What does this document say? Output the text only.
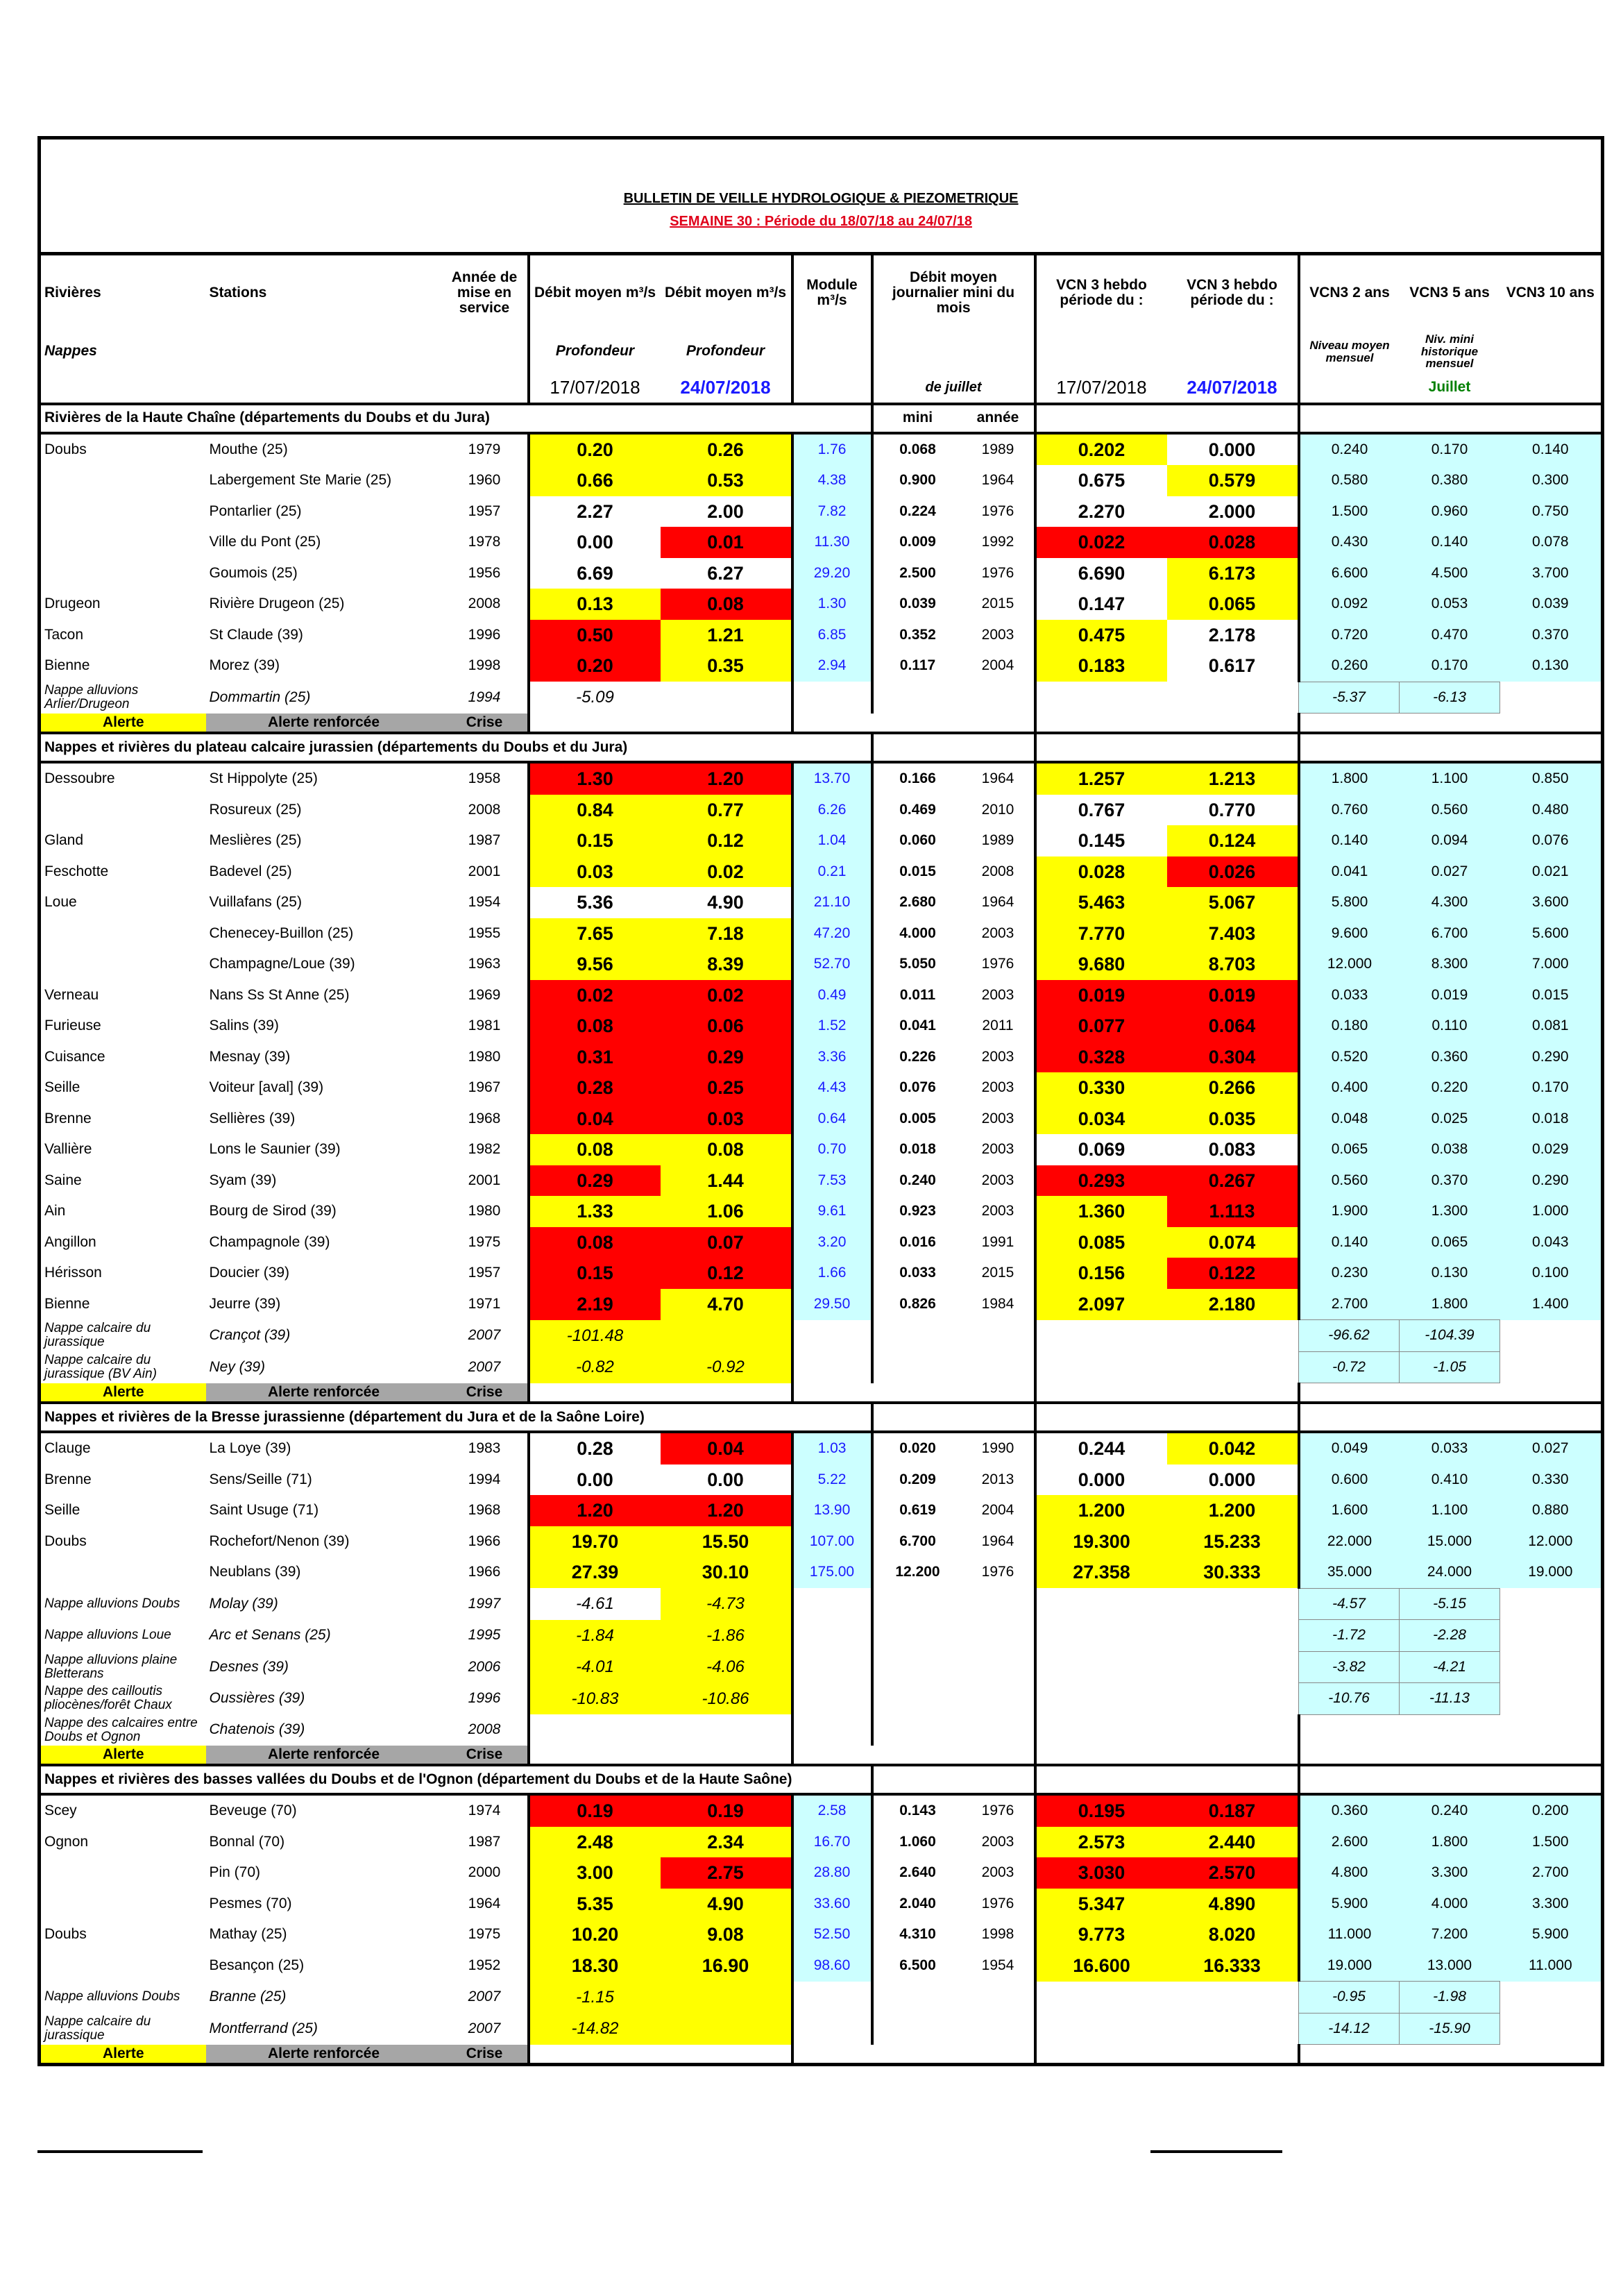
BULLETIN DE VEILLE HYDROLOGIQUE & PIEZOMETRIQUE
SEMAINE 30 : Période du 18/07/18 au 24/07/18												

Rivières	Stations	Année de mise en service	Débit moyen m³/s	Débit moyen m³/s	Module m³/s	Débit moyen journalier mini du mois		VCN 3 hebdo période du :	VCN 3 hebdo période du :	VCN3 2 ans	VCN3 5 ans	VCN3 10 ans
Nappes			Profondeur	Profondeur						Niveau moyen mensuel	Niv. mini historique mensuel	
			17/07/2018	24/07/2018		de juillet		17/07/2018	24/07/2018		Juillet	
Rivières de la Haute Chaîne (départements du Doubs et du Jura)						mini	année					
Doubs	Mouthe (25)	1979	0.20	0.26	1.76	0.068	1989	0.202	0.000	0.240	0.170	0.140
	Labergement Ste Marie (25)	1960	0.66	0.53	4.38	0.900	1964	0.675	0.579	0.580	0.380	0.300
	Pontarlier (25)	1957	2.27	2.00	7.82	0.224	1976	2.270	2.000	1.500	0.960	0.750
	Ville du Pont (25)	1978	0.00	0.01	11.30	0.009	1992	0.022	0.028	0.430	0.140	0.078
	Goumois (25)	1956	6.69	6.27	29.20	2.500	1976	6.690	6.173	6.600	4.500	3.700
Drugeon	Rivière Drugeon (25)	2008	0.13	0.08	1.30	0.039	2015	0.147	0.065	0.092	0.053	0.039
Tacon	St Claude (39)	1996	0.50	1.21	6.85	0.352	2003	0.475	2.178	0.720	0.470	0.370
Bienne	Morez (39)	1998	0.20	0.35	2.94	0.117	2004	0.183	0.617	0.260	0.170	0.130
Nappe alluvions Arlier/Drugeon	Dommartin (25)	1994	-5.09							-5.37	-6.13	
Alerte	Alerte renforcée	Crise										
Nappes et rivières du plateau calcaire jurassien (départements du Doubs et du Jura)												
Dessoubre	St Hippolyte (25)	1958	1.30	1.20	13.70	0.166	1964	1.257	1.213	1.800	1.100	0.850
	Rosureux (25)	2008	0.84	0.77	6.26	0.469	2010	0.767	0.770	0.760	0.560	0.480
Gland	Meslières (25)	1987	0.15	0.12	1.04	0.060	1989	0.145	0.124	0.140	0.094	0.076
Feschotte	Badevel (25)	2001	0.03	0.02	0.21	0.015	2008	0.028	0.026	0.041	0.027	0.021
Loue	Vuillafans (25)	1954	5.36	4.90	21.10	2.680	1964	5.463	5.067	5.800	4.300	3.600
	Chenecey-Buillon (25)	1955	7.65	7.18	47.20	4.000	2003	7.770	7.403	9.600	6.700	5.600
	Champagne/Loue (39)	1963	9.56	8.39	52.70	5.050	1976	9.680	8.703	12.000	8.300	7.000
Verneau	Nans Ss St Anne (25)	1969	0.02	0.02	0.49	0.011	2003	0.019	0.019	0.033	0.019	0.015
Furieuse	Salins (39)	1981	0.08	0.06	1.52	0.041	2011	0.077	0.064	0.180	0.110	0.081
Cuisance	Mesnay (39)	1980	0.31	0.29	3.36	0.226	2003	0.328	0.304	0.520	0.360	0.290
Seille	Voiteur [aval] (39)	1967	0.28	0.25	4.43	0.076	2003	0.330	0.266	0.400	0.220	0.170
Brenne	Sellières (39)	1968	0.04	0.03	0.64	0.005	2003	0.034	0.035	0.048	0.025	0.018
Vallière	Lons le Saunier (39)	1982	0.08	0.08	0.70	0.018	2003	0.069	0.083	0.065	0.038	0.029
Saine	Syam (39)	2001	0.29	1.44	7.53	0.240	2003	0.293	0.267	0.560	0.370	0.290
Ain	Bourg de Sirod (39)	1980	1.33	1.06	9.61	0.923	2003	1.360	1.113	1.900	1.300	1.000
Angillon	Champagnole (39)	1975	0.08	0.07	3.20	0.016	1991	0.085	0.074	0.140	0.065	0.043
Hérisson	Doucier (39)	1957	0.15	0.12	1.66	0.033	2015	0.156	0.122	0.230	0.130	0.100
Bienne	Jeurre (39)	1971	2.19	4.70	29.50	0.826	1984	2.097	2.180	2.700	1.800	1.400
Nappe calcaire du jurassique	Crançot (39)	2007	-101.48							-96.62	-104.39	
Nappe calcaire du jurassique (BV Ain)	Ney (39)	2007	-0.82	-0.92						-0.72	-1.05	
Alerte	Alerte renforcée	Crise										
Nappes et rivières de la Bresse jurassienne (département du Jura et de la Saône Loire)												
Clauge	La Loye (39)	1983	0.28	0.04	1.03	0.020	1990	0.244	0.042	0.049	0.033	0.027
Brenne	Sens/Seille (71)	1994	0.00	0.00	5.22	0.209	2013	0.000	0.000	0.600	0.410	0.330
Seille	Saint Usuge (71)	1968	1.20	1.20	13.90	0.619	2004	1.200	1.200	1.600	1.100	0.880
Doubs	Rochefort/Nenon (39)	1966	19.70	15.50	107.00	6.700	1964	19.300	15.233	22.000	15.000	12.000
	Neublans (39)	1966	27.39	30.10	175.00	12.200	1976	27.358	30.333	35.000	24.000	19.000
Nappe alluvions Doubs	Molay (39)	1997	-4.61	-4.73						-4.57	-5.15	
Nappe alluvions Loue	Arc et Senans (25)	1995	-1.84	-1.86						-1.72	-2.28	
Nappe alluvions plaine Bletterans	Desnes (39)	2006	-4.01	-4.06						-3.82	-4.21	
Nappe des cailloutis pliocènes/forêt Chaux	Oussières (39)	1996	-10.83	-10.86						-10.76	-11.13	
Nappe des calcaires entre Doubs et Ognon	Chatenois (39)	2008										
Alerte	Alerte renforcée	Crise										
Nappes et rivières des basses vallées du Doubs et de l'Ognon (département du Doubs et de la Haute Saône)												
Scey	Beveuge (70)	1974	0.19	0.19	2.58	0.143	1976	0.195	0.187	0.360	0.240	0.200
Ognon	Bonnal (70)	1987	2.48	2.34	16.70	1.060	2003	2.573	2.440	2.600	1.800	1.500
	Pin (70)	2000	3.00	2.75	28.80	2.640	2003	3.030	2.570	4.800	3.300	2.700
	Pesmes (70)	1964	5.35	4.90	33.60	2.040	1976	5.347	4.890	5.900	4.000	3.300
Doubs	Mathay (25)	1975	10.20	9.08	52.50	4.310	1998	9.773	8.020	11.000	7.200	5.900
	Besançon (25)	1952	18.30	16.90	98.60	6.500	1954	16.600	16.333	19.000	13.000	11.000
Nappe alluvions Doubs	Branne (25)	2007	-1.15							-0.95	-1.98	
Nappe calcaire du jurassique	Montferrand (25)	2007	-14.82							-14.12	-15.90	
Alerte	Alerte renforcée	Crise										
